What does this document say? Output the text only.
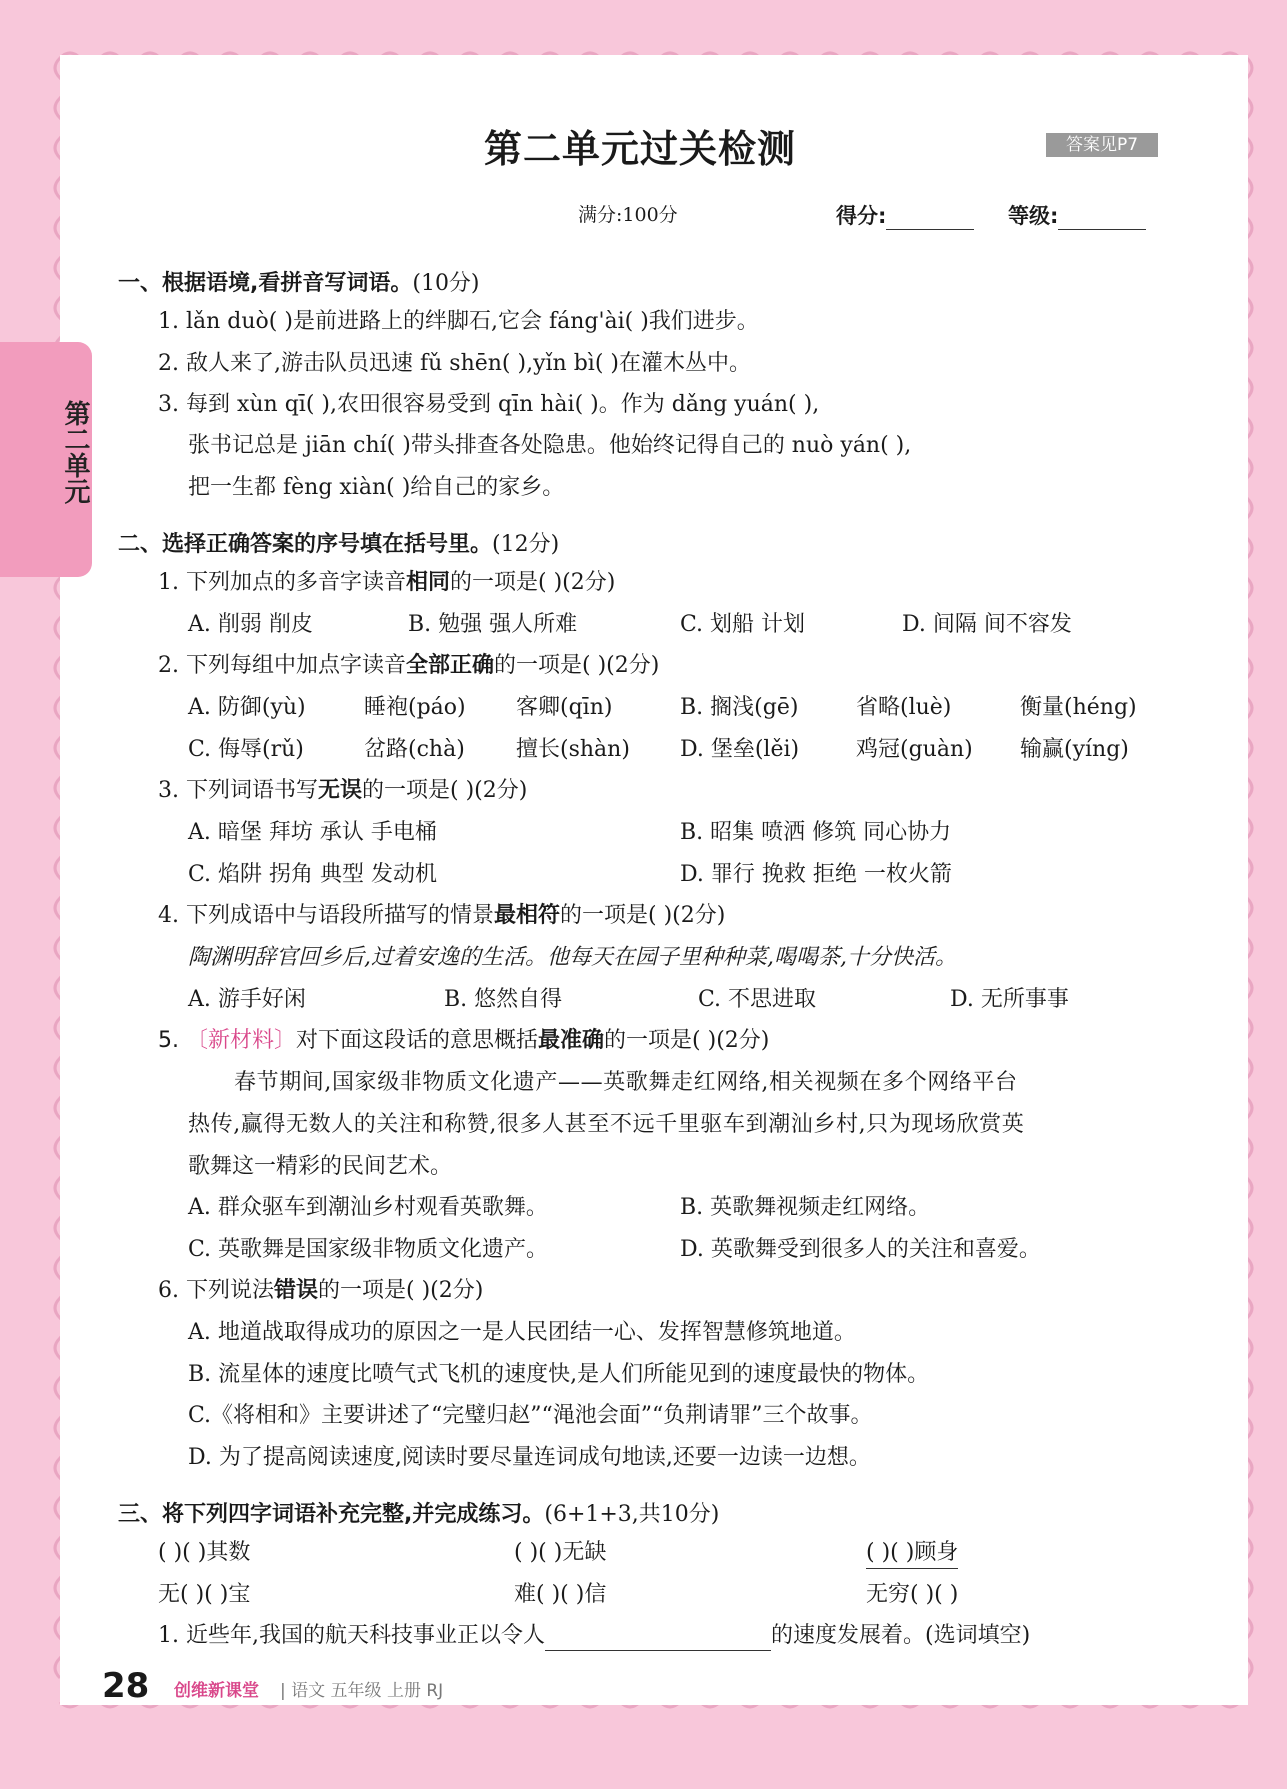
第二单元
第二单元过关检测	答案见P7
满分:100分	得分:	等级:
一、根据语境,看拼音写词语。(10分)
1. lǎn duò( )是前进路上的绊脚石,它会 fáng'ài( )我们进步。
2. 敌人来了,游击队员迅速 fǔ shēn( ),yǐn bì( )在灌木丛中。
3. 每到 xùn qī( ),农田很容易受到 qīn hài( )。作为 dǎng yuán( ),
张书记总是 jiān chí( )带头排查各处隐患。他始终记得自己的 nuò yán( ),
把一生都 fèng xiàn( )给自己的家乡。
二、选择正确答案的序号填在括号里。(12分)
1. 下列加点的多音字读音相同的一项是( )(2分)
A. 削弱 削皮	B. 勉强 强人所难	C. 划船 计划	D. 间隔 间不容发
2. 下列每组中加点字读音全部正确的一项是( )(2分)
A. 防御(yù)	睡袍(páo) 客卿(qīn)	B. 搁浅(gē)	省略(luè)	衡量(héng)
C. 侮辱(rǔ)	岔路(chà) 擅长(shàn) D. 堡垒(lěi)	鸡冠(guàn) 输赢(yíng)
3. 下列词语书写无误的一项是( )(2分)
A. 暗堡 拜坊 承认 手电桶	B. 昭集 喷洒 修筑 同心协力
C. 焰阱 拐角 典型 发动机	D. 罪行 挽救 拒绝 一枚火箭
4. 下列成语中与语段所描写的情景最相符的一项是( )(2分)
陶渊明辞官回乡后,过着安逸的生活。他每天在园子里种种菜,喝喝茶,十分快活。
A. 游手好闲	B. 悠然自得	C. 不思进取	D. 无所事事
5. 〔新材料〕对下面这段话的意思概括最准确的一项是( )(2分)
春节期间,国家级非物质文化遗产——英歌舞走红网络,相关视频在多个网络平台
热传,赢得无数人的关注和称赞,很多人甚至不远千里驱车到潮汕乡村,只为现场欣赏英
歌舞这一精彩的民间艺术。
A. 群众驱车到潮汕乡村观看英歌舞。	B. 英歌舞视频走红网络。
C. 英歌舞是国家级非物质文化遗产。	D. 英歌舞受到很多人的关注和喜爱。
6. 下列说法错误的一项是( )(2分)
A. 地道战取得成功的原因之一是人民团结一心、发挥智慧修筑地道。
B. 流星体的速度比喷气式飞机的速度快,是人们所能见到的速度最快的物体。
C.《将相和》主要讲述了“完璧归赵”“渑池会面”“负荆请罪”三个故事。
D. 为了提高阅读速度,阅读时要尽量连词成句地读,还要一边读一边想。
三、将下列四字词语补充完整,并完成练习。(6+1+3,共10分)
( )( )其数	( )( )无缺	( )( )顾身
无( )( )宝	难( )( )信	无穷( )( )
1. 近些年,我国的航天科技事业正以令人	的速度发展着。(选词填空)
28 创维新课堂 | 语文 五年级 上册 RJ
